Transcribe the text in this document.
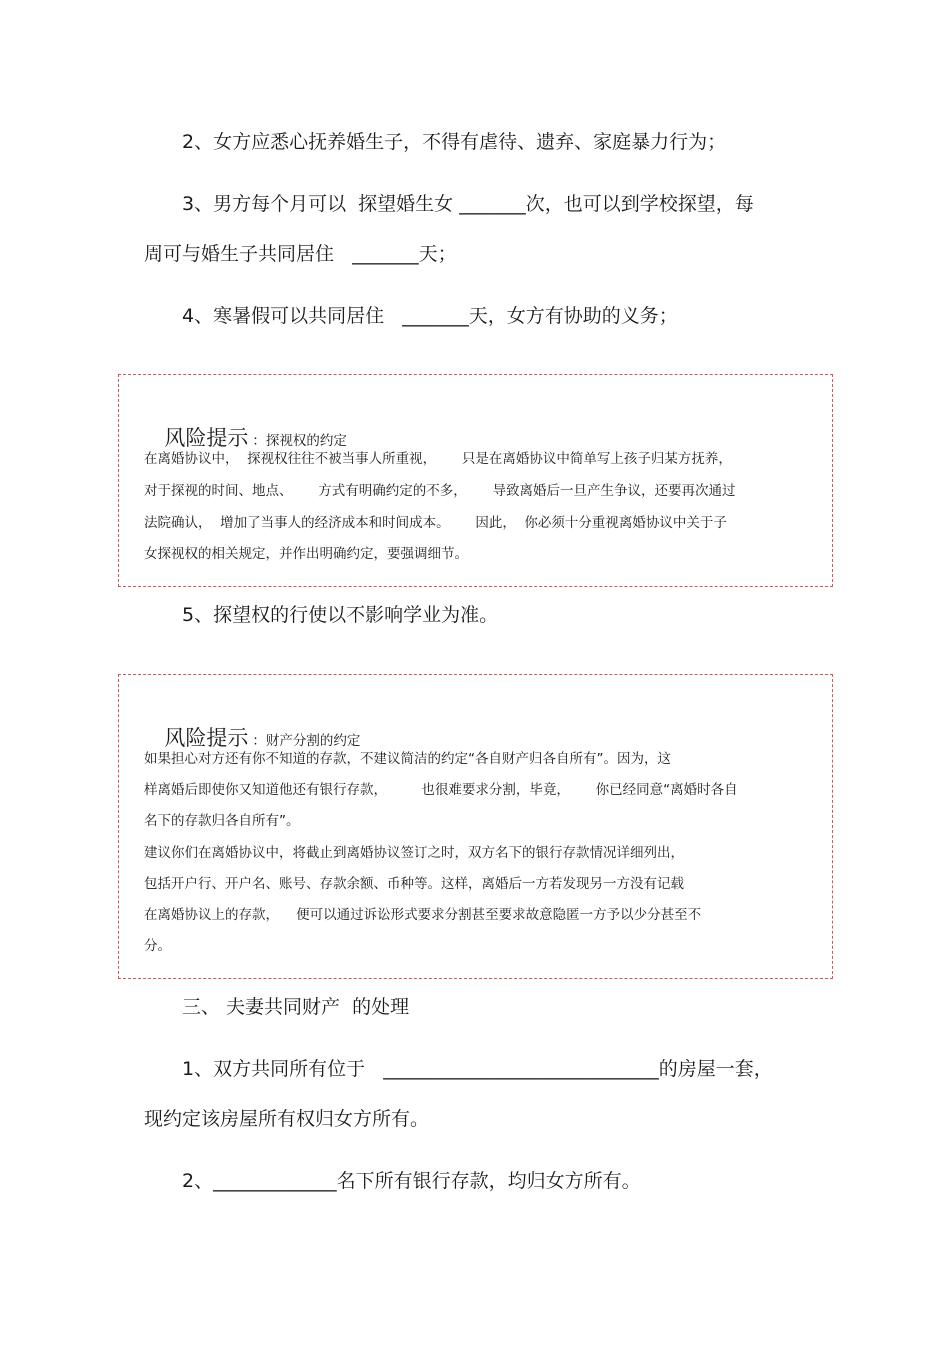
2、女方应悉心抚养婚生子，不得有虐待、遗弃、家庭暴力行为；
3、男方每个月可以  探望婚生女 _______次，也可以到学校探望，每
周可与婚生子共同居住   _______天；
4、寒暑假可以共同居住   _______天，女方有协助的义务；

风险提示 ：探视权的约定

在离婚协议中，  探视权往往不被当事人所重视，      只是在离婚协议中简单写上孩子归某方抚养，
对于探视的时间、地点、      方式有明确约定的不多，      导致离婚后一旦产生争议，还要再次通过
法院确认，  增加了当事人的经济成本和时间成本。      因此，  你必须十分重视离婚协议中关于子
女探视权的相关规定，并作出明确约定，要强调细节。
5、探望权的行使以不影响学业为准。

风险提示 ：财产分割的约定

如果担心对方还有你不知道的存款，不建议简洁的约定“各自财产归各自所有”。因为，这
样离婚后即使你又知道他还有银行存款，        也很难要求分割，毕竟，      你已经同意“离婚时各自
名下的存款归各自所有”。
建议你们在离婚协议中，将截止到离婚协议签订之时，双方名下的银行存款情况详细列出，
包括开户行、开户名、账号、存款余额、币种等。这样，离婚后一方若发现另一方没有记载
在离婚协议上的存款，    便可以通过诉讼形式要求分割甚至要求故意隐匿一方予以少分甚至不
分。
三、 夫妻共同财产  的处理
1、双方共同所有位于   _____________________________的房屋一套，
现约定该房屋所有权归女方所有。
2、_____________名下所有银行存款，均归女方所有。
